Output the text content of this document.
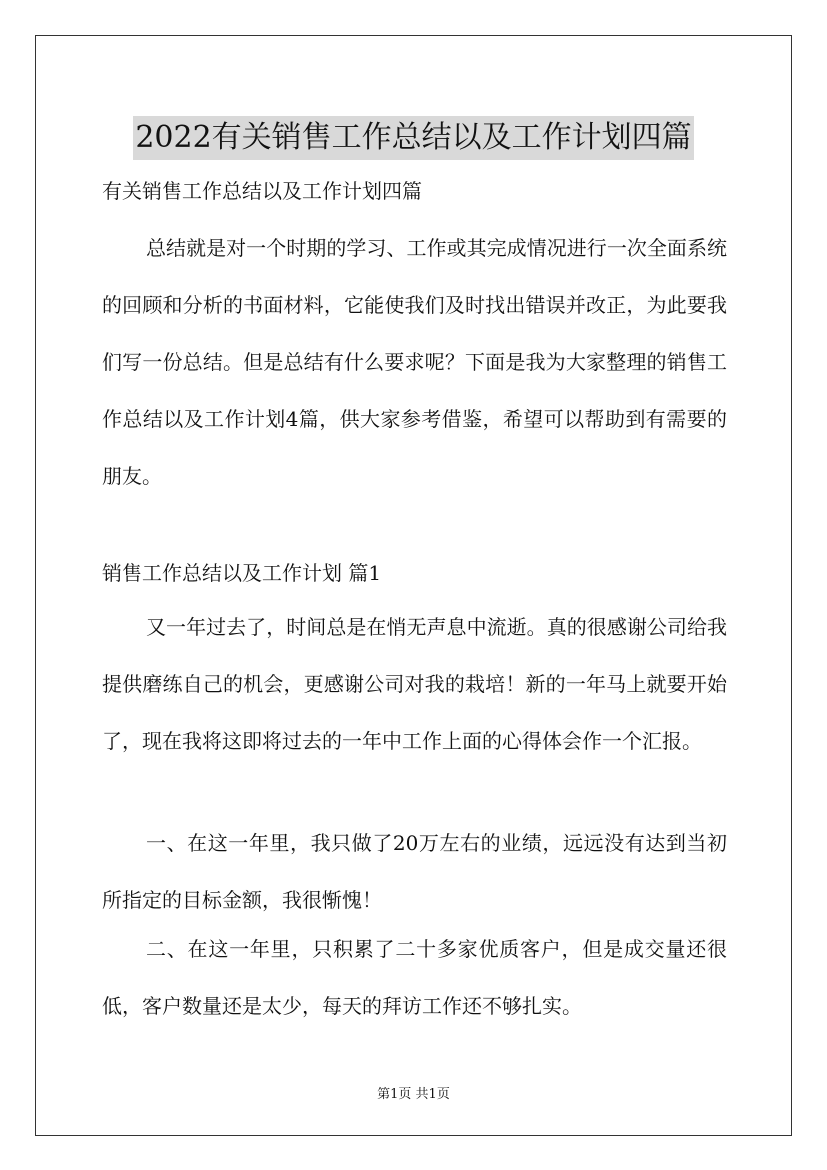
2022有关销售工作总结以及工作计划四篇

有关销售工作总结以及工作计划四篇

总结就是对一个时期的学习、工作或其完成情况进行一次全面系统的回顾和分析的书面材料，它能使我们及时找出错误并改正，为此要我们写一份总结。但是总结有什么要求呢？下面是我为大家整理的销售工作总结以及工作计划4篇，供大家参考借鉴，希望可以帮助到有需要的朋友。

销售工作总结以及工作计划 篇1

又一年过去了，时间总是在悄无声息中流逝。真的很感谢公司给我提供磨练自己的机会，更感谢公司对我的栽培！新的一年马上就要开始了，现在我将这即将过去的一年中工作上面的心得体会作一个汇报。

一、在这一年里，我只做了20万左右的业绩，远远没有达到当初所指定的目标金额，我很惭愧！

二、在这一年里，只积累了二十多家优质客户，但是成交量还很低，客户数量还是太少，每天的拜访工作还不够扎实。

第1页 共1页
